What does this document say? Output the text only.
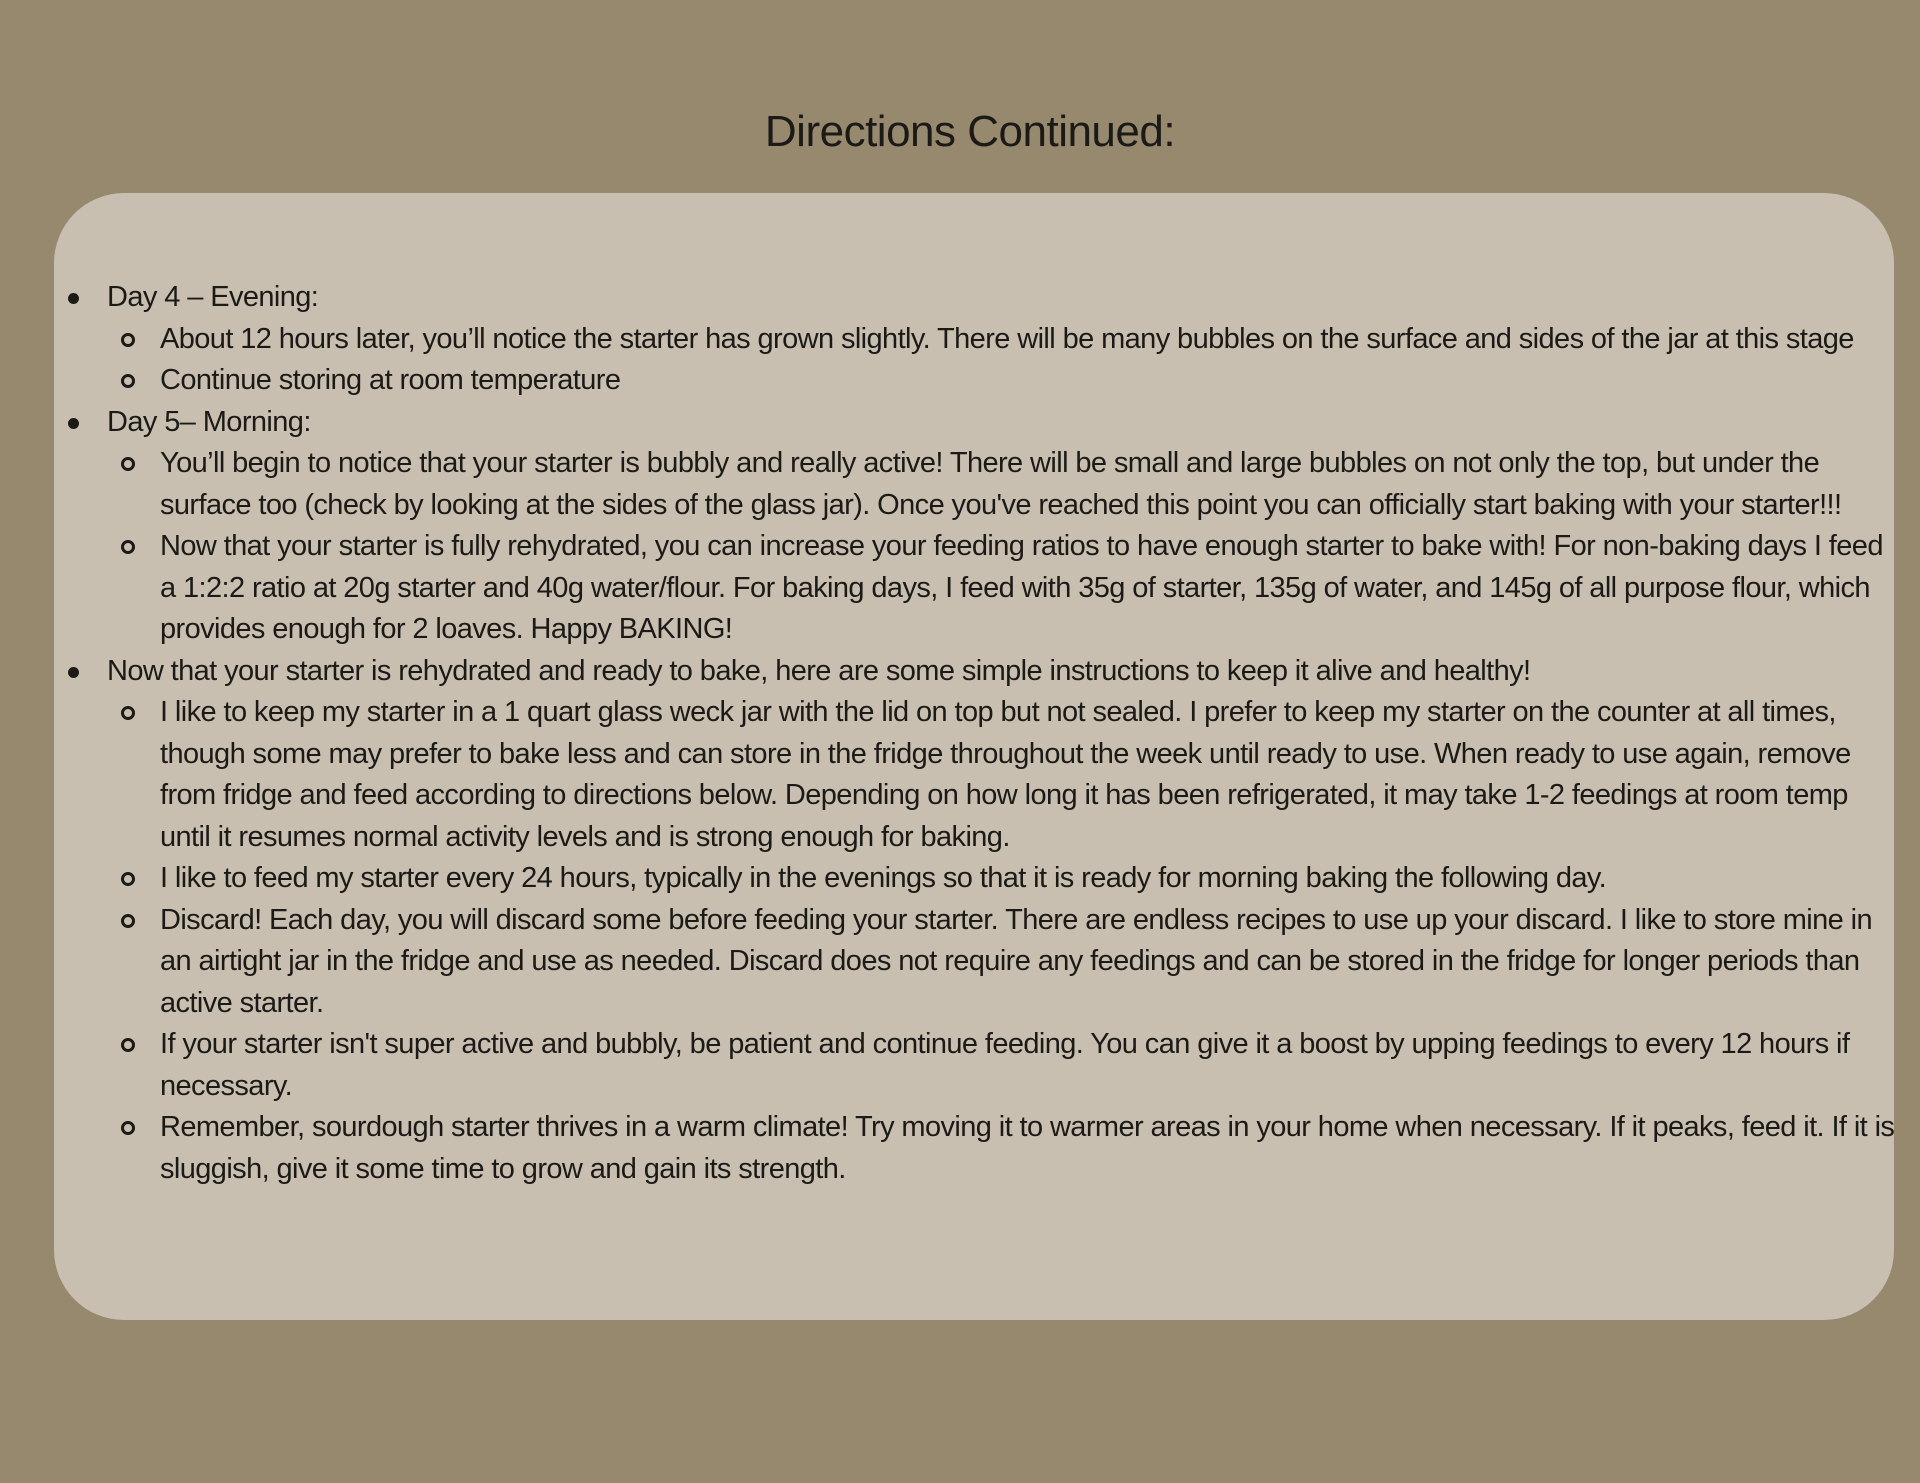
Directions Continued:
Day 4 – Evening:
About 12 hours later, you’ll notice the starter has grown slightly. There will be many bubbles on the surface and sides of the jar at this stage
Continue storing at room temperature
Day 5– Morning:
You’ll begin to notice that your starter is bubbly and really active! There will be small and large bubbles on not only the top, but under the surface too (check by looking at the sides of the glass jar). Once you've reached this point you can officially start baking with your starter!!!
Now that your starter is fully rehydrated, you can increase your feeding ratios to have enough starter to bake with! For non-baking days I feed a 1:2:2 ratio at 20g starter and 40g water/flour. For baking days, I feed with 35g of starter, 135g of water, and 145g of all purpose flour, which provides enough for 2 loaves. Happy BAKING!
Now that your starter is rehydrated and ready to bake, here are some simple instructions to keep it alive and healthy!
I like to keep my starter in a 1 quart glass weck jar with the lid on top but not sealed. I prefer to keep my starter on the counter at all times, though some may prefer to bake less and can store in the fridge throughout the week until ready to use. When ready to use again, remove from fridge and feed according to directions below. Depending on how long it has been refrigerated, it may take 1-2 feedings at room temp until it resumes normal activity levels and is strong enough for baking.
I like to feed my starter every 24 hours, typically in the evenings so that it is ready for morning baking the following day.
Discard! Each day, you will discard some before feeding your starter. There are endless recipes to use up your discard. I like to store mine in an airtight jar in the fridge and use as needed. Discard does not require any feedings and can be stored in the fridge for longer periods than active starter.
If your starter isn't super active and bubbly, be patient and continue feeding. You can give it a boost by upping feedings to every 12 hours if necessary.
Remember, sourdough starter thrives in a warm climate! Try moving it to warmer areas in your home when necessary. If it peaks, feed it. If it is sluggish, give it some time to grow and gain its strength.
